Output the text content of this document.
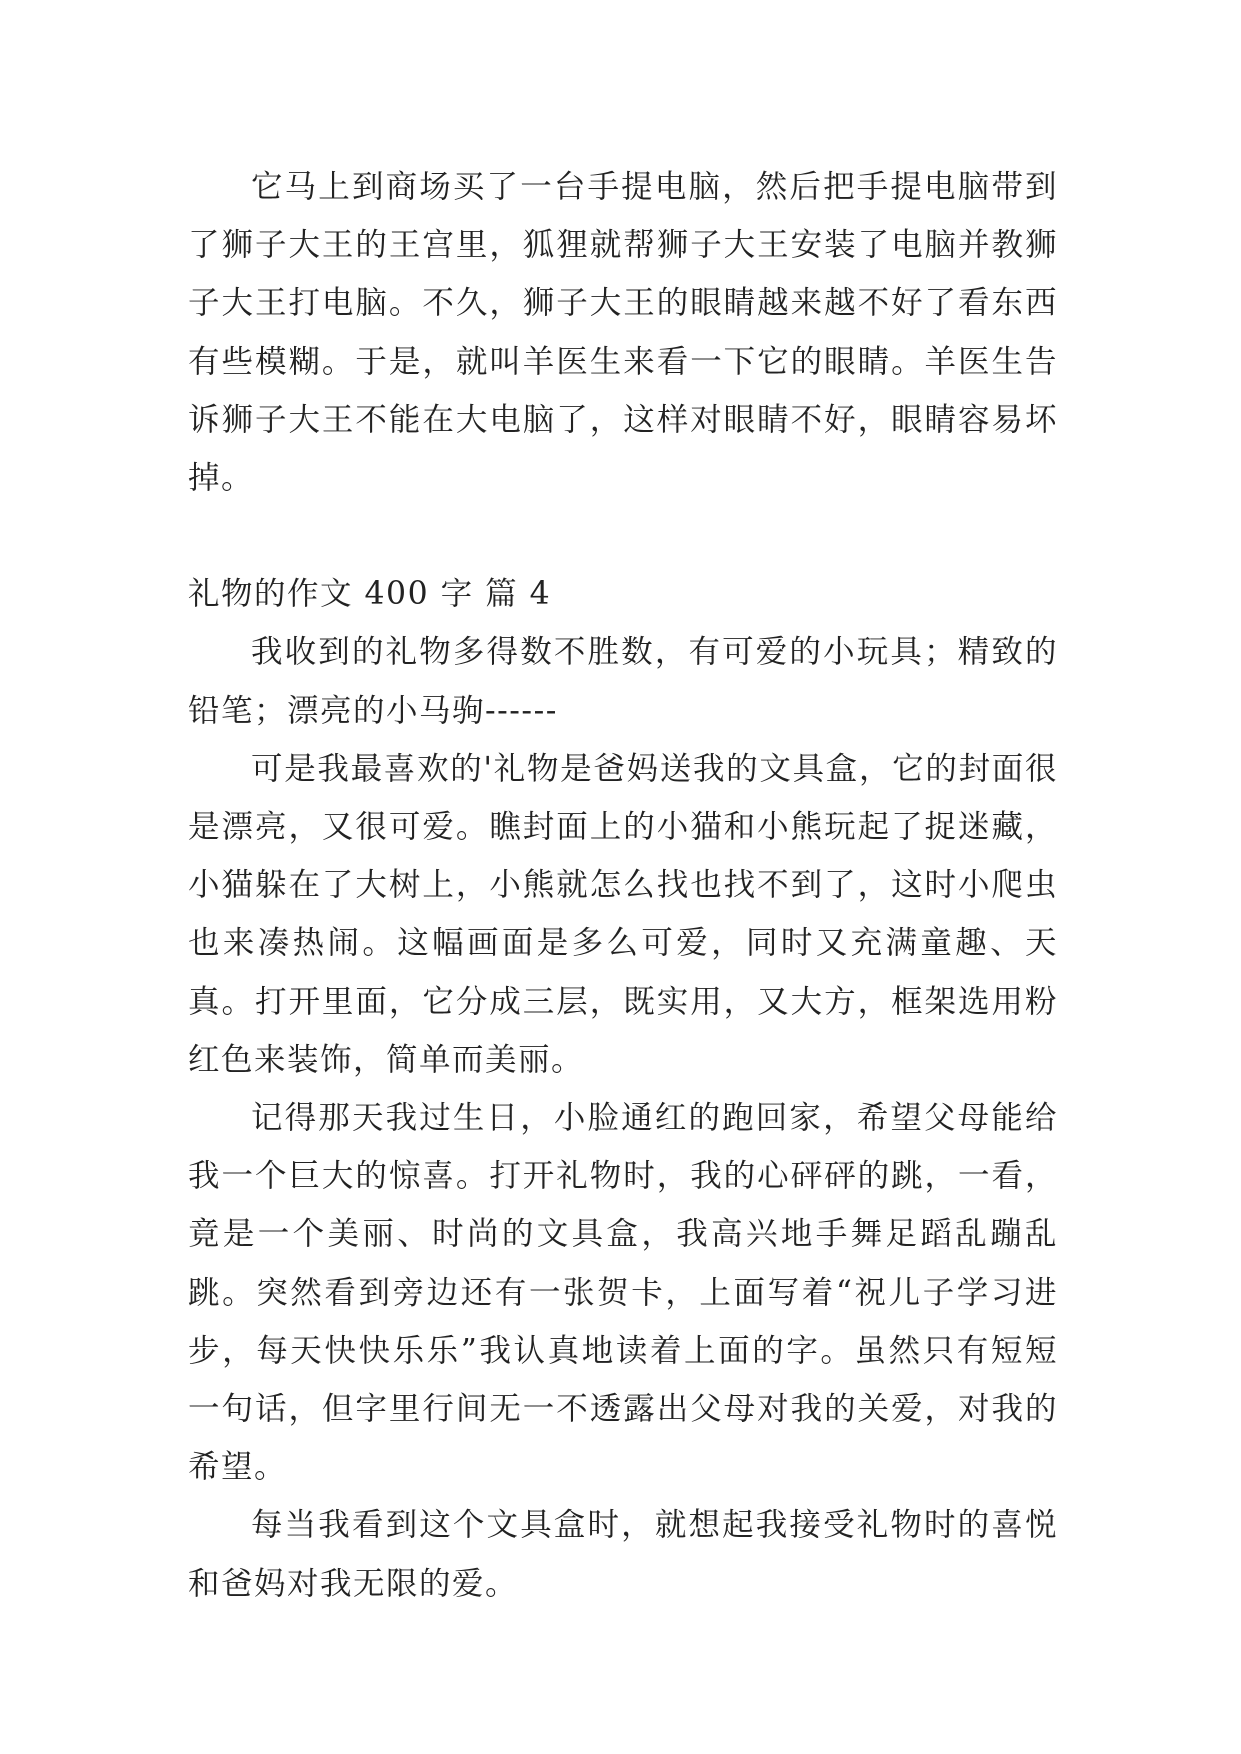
它马上到商场买了一台手提电脑，然后把手提电脑带到了狮子大王的王宫里，狐狸就帮狮子大王安装了电脑并教狮子大王打电脑。不久，狮子大王的眼睛越来越不好了看东西有些模糊。于是，就叫羊医生来看一下它的眼睛。羊医生告诉狮子大王不能在大电脑了，这样对眼睛不好，眼睛容易坏掉。

礼物的作文 400 字 篇 4

我收到的礼物多得数不胜数，有可爱的小玩具；精致的铅笔；漂亮的小马驹------

可是我最喜欢的'礼物是爸妈送我的文具盒，它的封面很是漂亮，又很可爱。瞧封面上的小猫和小熊玩起了捉迷藏，小猫躲在了大树上，小熊就怎么找也找不到了，这时小爬虫也来凑热闹。这幅画面是多么可爱，同时又充满童趣、天真。打开里面，它分成三层，既实用，又大方，框架选用粉红色来装饰，简单而美丽。

记得那天我过生日，小脸通红的跑回家，希望父母能给我一个巨大的惊喜。打开礼物时，我的心砰砰的跳，一看，竟是一个美丽、时尚的文具盒，我高兴地手舞足蹈乱蹦乱跳。突然看到旁边还有一张贺卡，上面写着“祝儿子学习进步，每天快快乐乐”我认真地读着上面的字。虽然只有短短一句话，但字里行间无一不透露出父母对我的关爱，对我的希望。

每当我看到这个文具盒时，就想起我接受礼物时的喜悦和爸妈对我无限的爱。
